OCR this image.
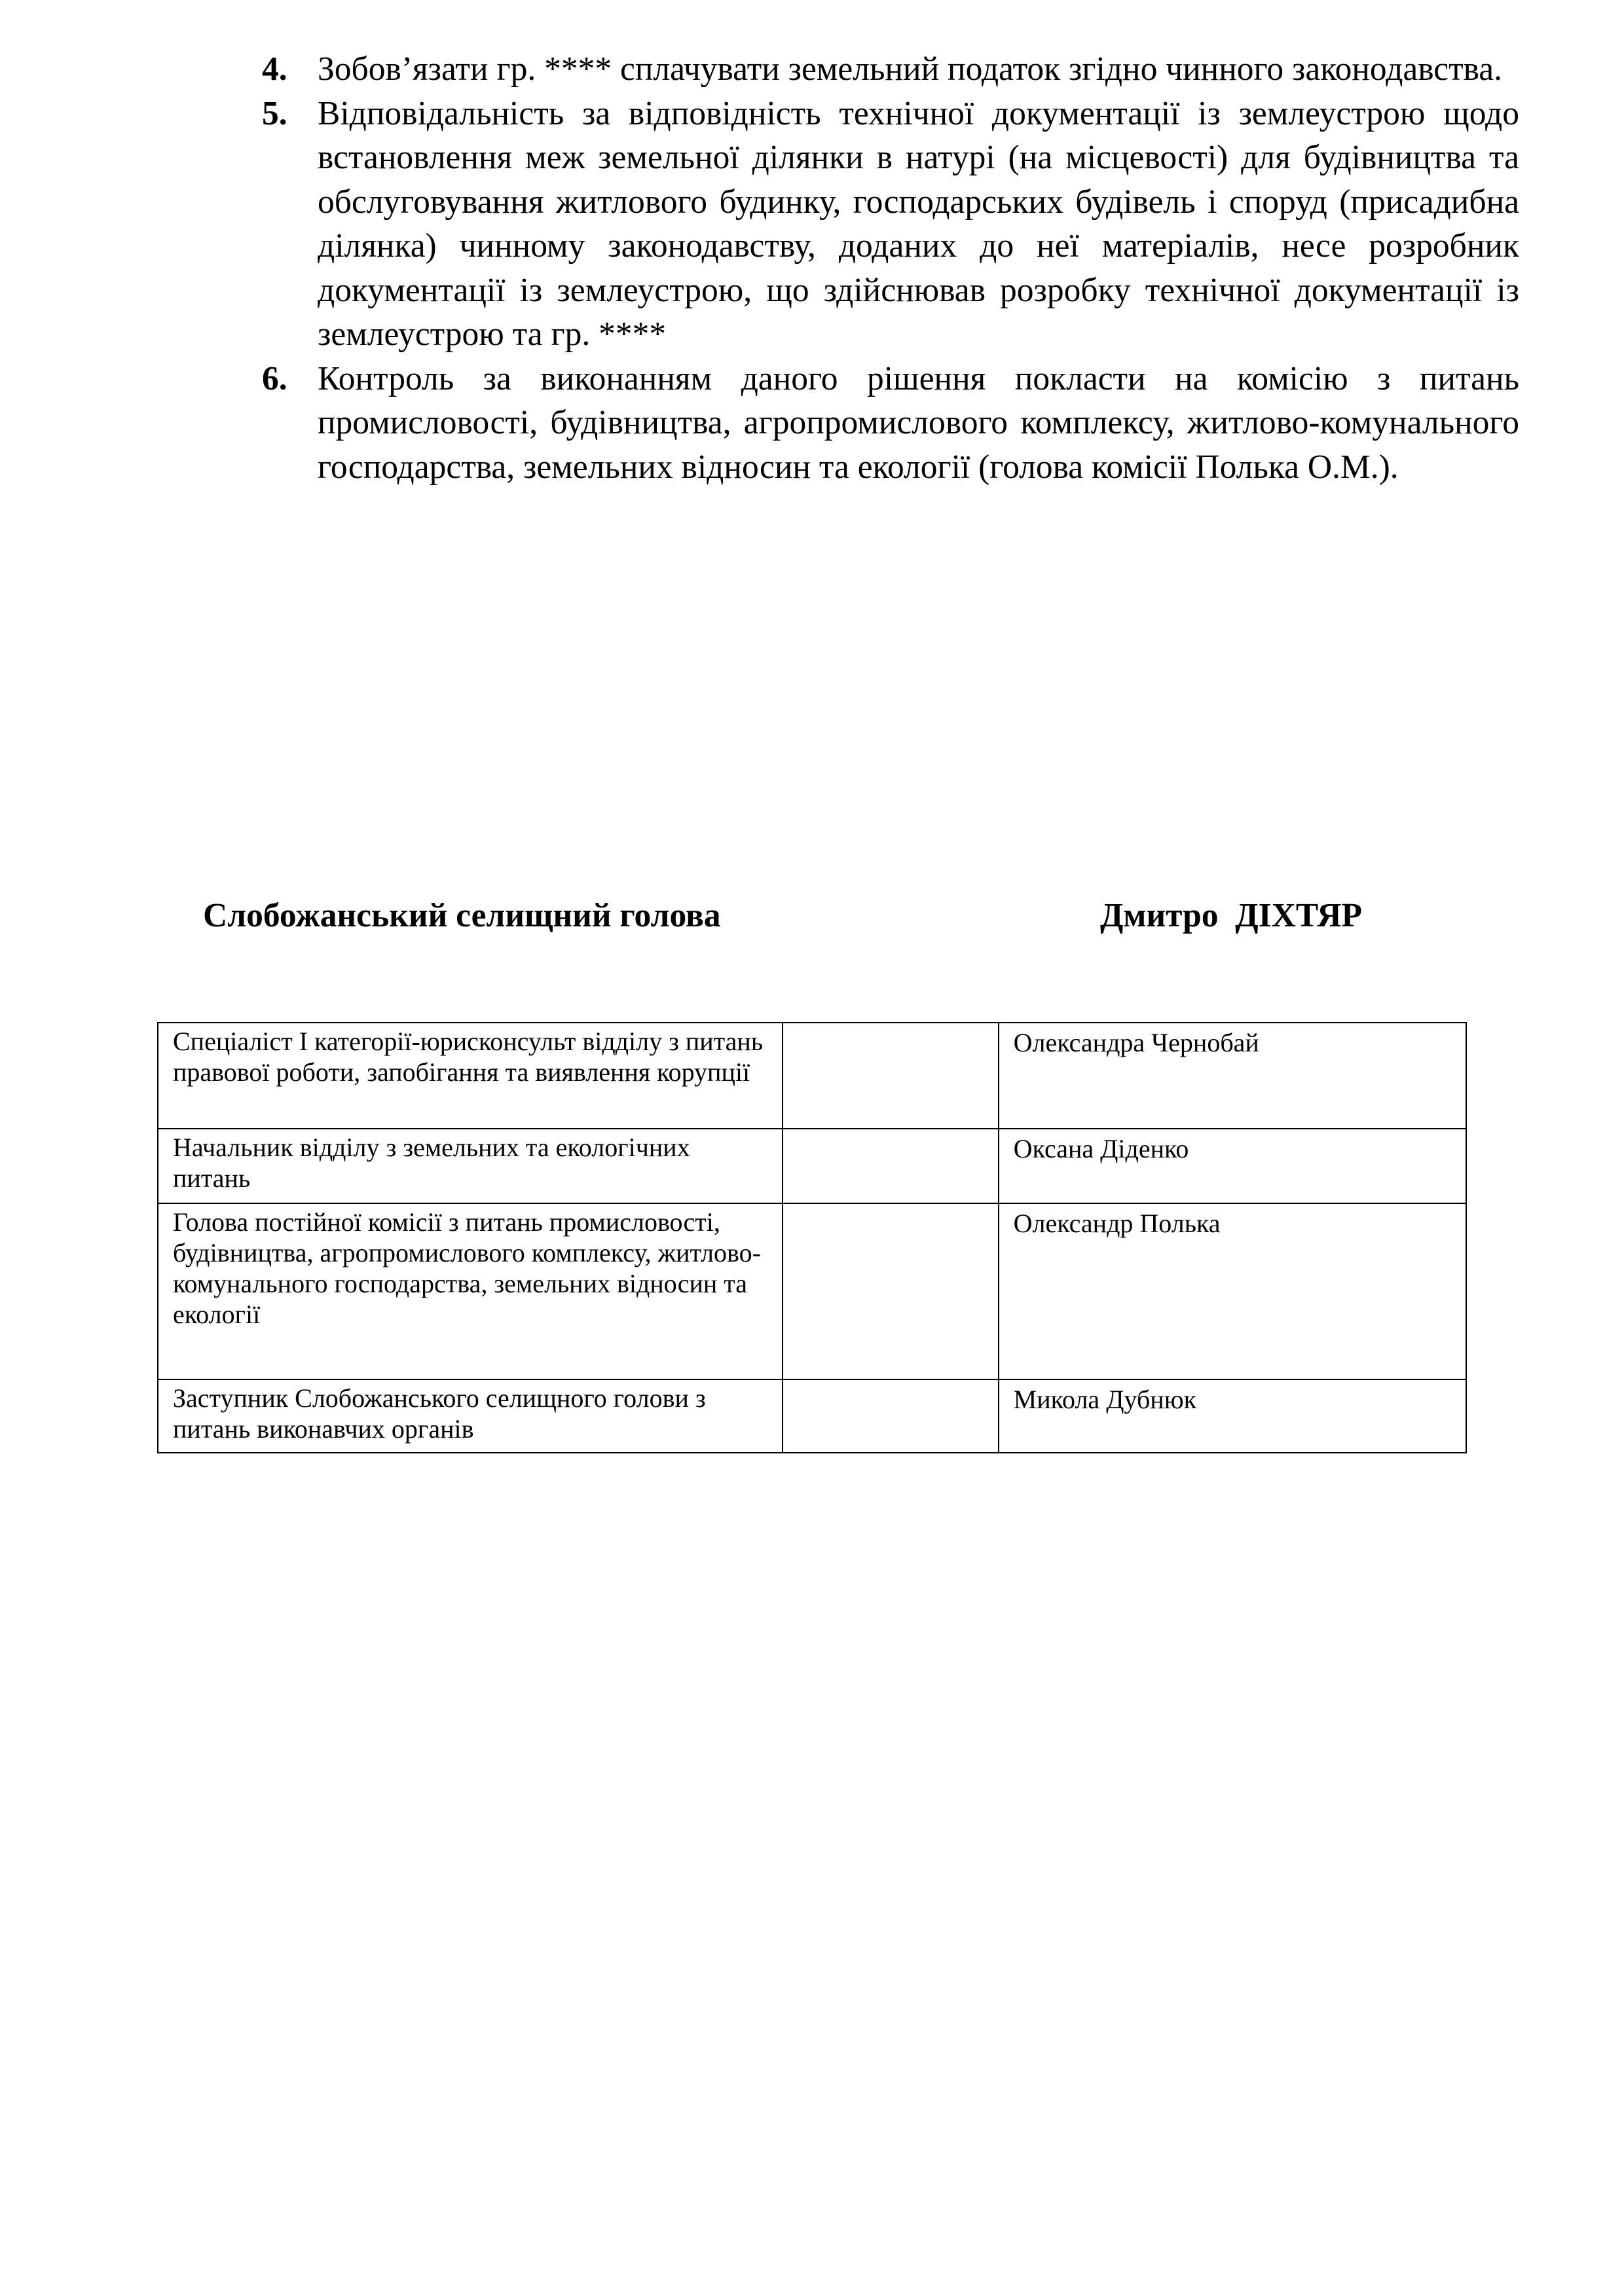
4. Зобов’язати гр. **** сплачувати земельний податок згідно чинного законодавства.
5. Відповідальність за відповідність технічної документації із землеустрою щодо встановлення меж земельної ділянки в натурі (на місцевості) для будівництва та обслуговування житлового будинку, господарських будівель і споруд (присадибна ділянка) чинному законодавству, доданих до неї матеріалів, несе розробник документації із землеустрою, що здійснював розробку технічної документації із землеустрою та гр. ****
6. Контроль за виконанням даного рішення покласти на комісію з питань промисловості, будівництва, агропромислового комплексу, житлово-комунального господарства, земельних відносин та екології (голова комісії Полька О.М.).
Слобожанський селищний голова	Дмитро  ДІХТЯР
Спеціаліст І категорії-юрисконсульт відділу з питань правової роботи, запобігання та виявлення корупції		Олександра Чернобай
Начальник відділу з земельних та екологічних питань		Оксана Діденко
Голова постійної комісії з питань промисловості, будівництва, агропромислового комплексу, житлово-комунального господарства, земельних відносин та екології		Олександр Полька
Заступник Слобожанського селищного голови з питань виконавчих органів		Микола Дубнюк
